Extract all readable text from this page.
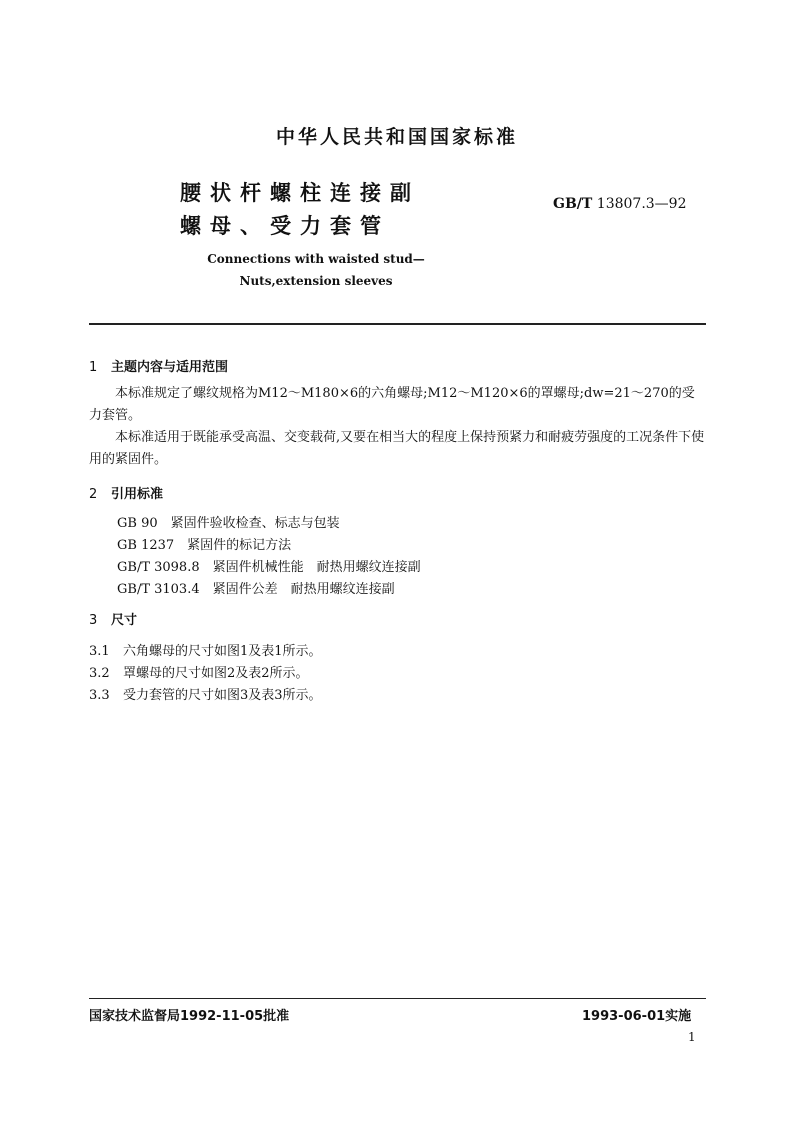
中华人民共和国国家标准
腰状杆螺柱连接副
螺母、受力套管
GB/T 13807.3—92
Connections with waisted stud—
Nuts,extension sleeves
1 主题内容与适用范围
本标准规定了螺纹规格为M12～M180×6的六角螺母;M12～M120×6的罩螺母;dw=21～270的受力套管。
本标准适用于既能承受高温、交变载荷,又要在相当大的程度上保持预紧力和耐疲劳强度的工况条件下使用的紧固件。
2 引用标准
GB 90　紧固件验收检查、标志与包装
GB 1237　紧固件的标记方法
GB/T 3098.8　紧固件机械性能　耐热用螺纹连接副
GB/T 3103.4　紧固件公差　耐热用螺纹连接副
3 尺寸
3.1 六角螺母的尺寸如图1及表1所示。
3.2 罩螺母的尺寸如图2及表2所示。
3.3 受力套管的尺寸如图3及表3所示。
国家技术监督局1992-11-05批准	1993-06-01实施
1
